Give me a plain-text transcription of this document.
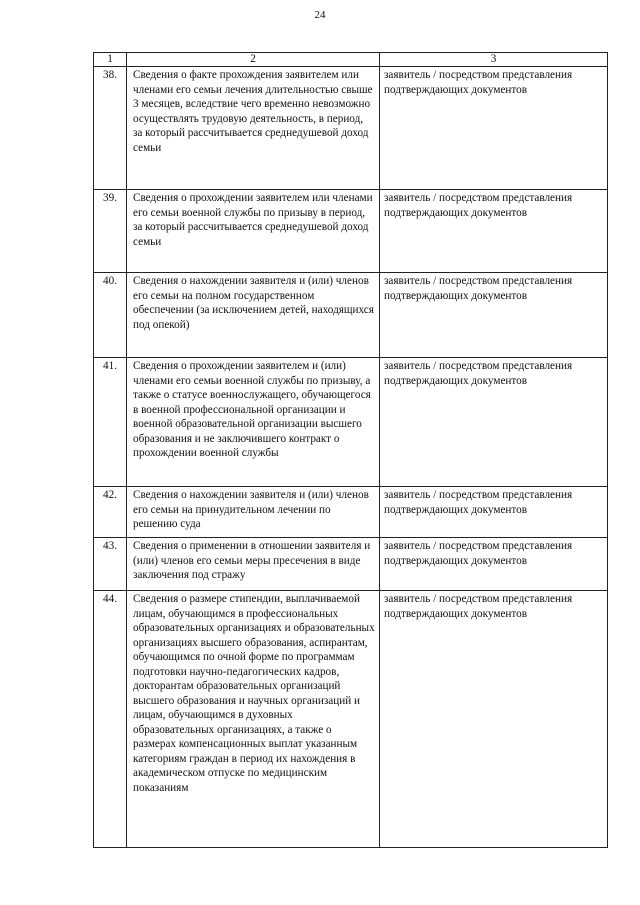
24
1	2	3
38.	Сведения о факте прохождения заявителем или членами его семьи лечения длительностью свыше 3 месяцев, вследствие чего временно невозможно осуществлять трудовую деятельность, в период, за который рассчитывается среднедушевой доход семьи	заявитель / посредством представления подтверждающих документов
39.	Сведения о прохождении заявителем или членами его семьи военной службы по призыву в период, за который рассчитывается среднедушевой доход семьи	заявитель / посредством представления подтверждающих документов
40.	Сведения о нахождении заявителя и (или) членов его семьи на полном государственном обеспечении (за исключением детей, находящихся под опекой)	заявитель / посредством представления подтверждающих документов
41.	Сведения о прохождении заявителем и (или) членами его семьи военной службы по призыву, а также о статусе военнослужащего, обучающегося в военной профессиональной организации и военной образовательной организации высшего образования и не заключившего контракт о прохождении военной службы	заявитель / посредством представления подтверждающих документов
42.	Сведения о нахождении заявителя и (или) членов его семьи на принудительном лечении по решению суда	заявитель / посредством представления подтверждающих документов
43.	Сведения о применении в отношении заявителя и (или) членов его семьи меры пресечения в виде заключения под стражу	заявитель / посредством представления подтверждающих документов
44.	Сведения о размере стипендии, выплачиваемой лицам, обучающимся в профессиональных образовательных организациях и образовательных организациях высшего образования, аспирантам, обучающимся по очной форме по программам подготовки научно-педагогических кадров, докторантам образовательных организаций высшего образования и научных организаций и лицам, обучающимся в духовных образовательных организациях, а также о размерах компенсационных выплат указанным категориям граждан в период их нахождения в академическом отпуске по медицинским показаниям	заявитель / посредством представления подтверждающих документов
